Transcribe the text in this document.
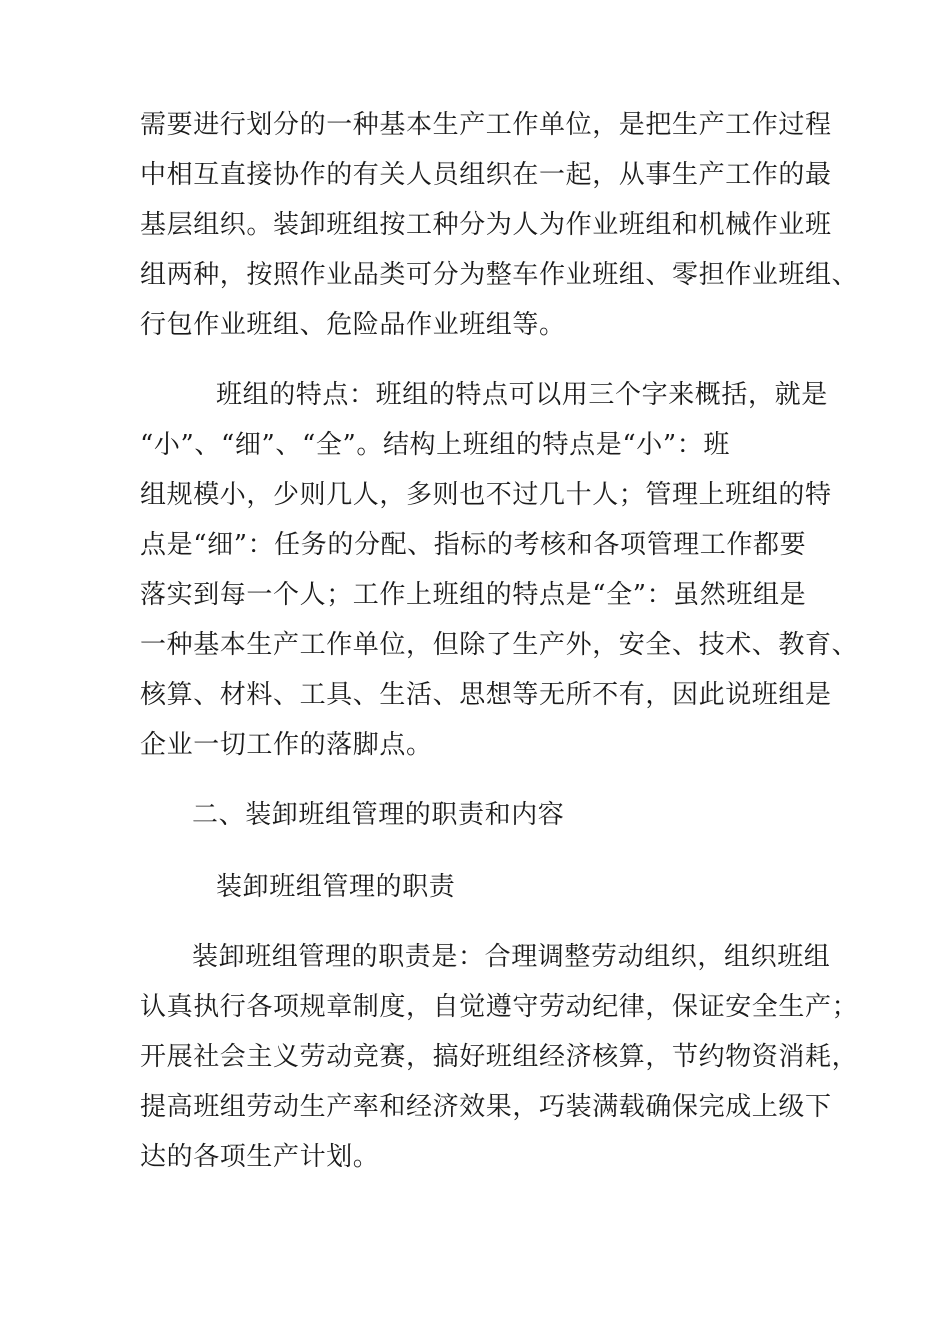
需要进行划分的一种基本生产工作单位，是把生产工作过程
中相互直接协作的有关人员组织在一起，从事生产工作的最
基层组织。装卸班组按工种分为人为作业班组和机械作业班
组两种，按照作业品类可分为整车作业班组、零担作业班组、
行包作业班组、危险品作业班组等。
班组的特点：班组的特点可以用三个字来概括，就是
“小”、“细”、“全”。结构上班组的特点是“小”：班
组规模小，少则几人，多则也不过几十人；管理上班组的特
点是“细”：任务的分配、指标的考核和各项管理工作都要
落实到每一个人；工作上班组的特点是“全”：虽然班组是
一种基本生产工作单位，但除了生产外，安全、技术、教育、
核算、材料、工具、生活、思想等无所不有，因此说班组是
企业一切工作的落脚点。
二、装卸班组管理的职责和内容
装卸班组管理的职责
装卸班组管理的职责是：合理调整劳动组织，组织班组
认真执行各项规章制度，自觉遵守劳动纪律，保证安全生产；
开展社会主义劳动竞赛，搞好班组经济核算，节约物资消耗，
提高班组劳动生产率和经济效果，巧装满载确保完成上级下
达的各项生产计划。
